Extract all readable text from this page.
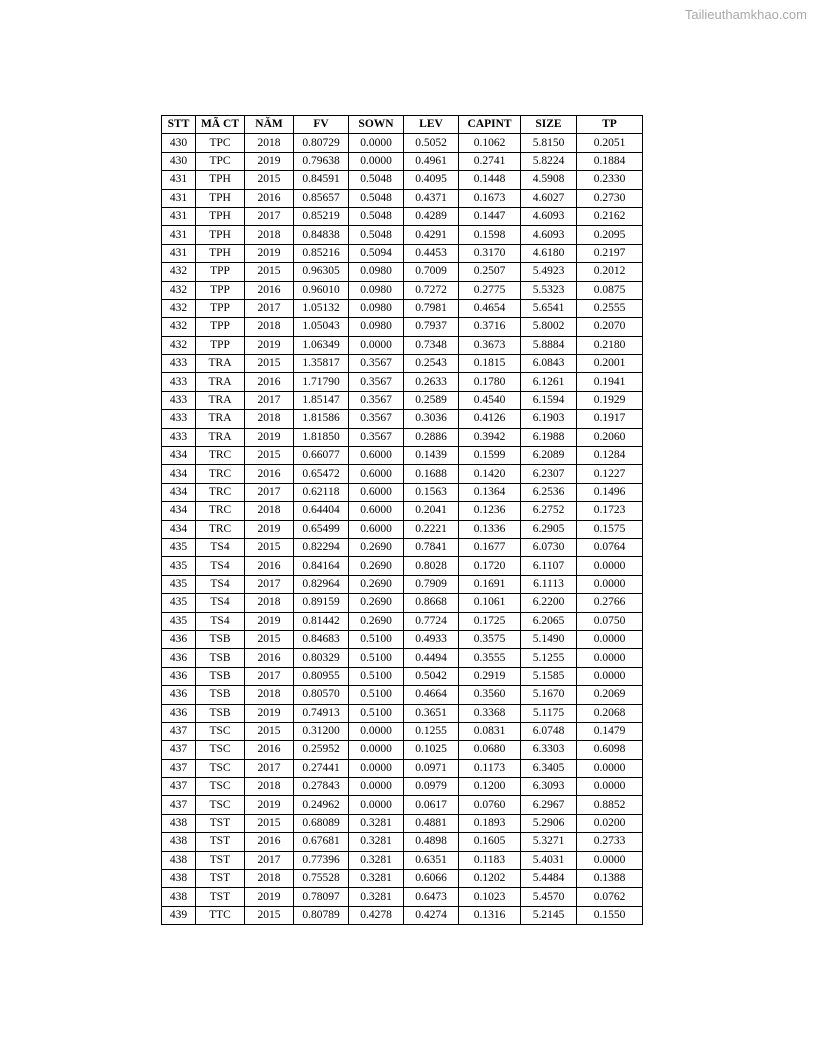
Tailieuthamkhao.com
STT	MÃ CT	NĂM	FV	SOWN	LEV	CAPINT	SIZE	TP
430	TPC	2018	0.80729	0.0000	0.5052	0.1062	5.8150	0.2051
430	TPC	2019	0.79638	0.0000	0.4961	0.2741	5.8224	0.1884
431	TPH	2015	0.84591	0.5048	0.4095	0.1448	4.5908	0.2330
431	TPH	2016	0.85657	0.5048	0.4371	0.1673	4.6027	0.2730
431	TPH	2017	0.85219	0.5048	0.4289	0.1447	4.6093	0.2162
431	TPH	2018	0.84838	0.5048	0.4291	0.1598	4.6093	0.2095
431	TPH	2019	0.85216	0.5094	0.4453	0.3170	4.6180	0.2197
432	TPP	2015	0.96305	0.0980	0.7009	0.2507	5.4923	0.2012
432	TPP	2016	0.96010	0.0980	0.7272	0.2775	5.5323	0.0875
432	TPP	2017	1.05132	0.0980	0.7981	0.4654	5.6541	0.2555
432	TPP	2018	1.05043	0.0980	0.7937	0.3716	5.8002	0.2070
432	TPP	2019	1.06349	0.0000	0.7348	0.3673	5.8884	0.2180
433	TRA	2015	1.35817	0.3567	0.2543	0.1815	6.0843	0.2001
433	TRA	2016	1.71790	0.3567	0.2633	0.1780	6.1261	0.1941
433	TRA	2017	1.85147	0.3567	0.2589	0.4540	6.1594	0.1929
433	TRA	2018	1.81586	0.3567	0.3036	0.4126	6.1903	0.1917
433	TRA	2019	1.81850	0.3567	0.2886	0.3942	6.1988	0.2060
434	TRC	2015	0.66077	0.6000	0.1439	0.1599	6.2089	0.1284
434	TRC	2016	0.65472	0.6000	0.1688	0.1420	6.2307	0.1227
434	TRC	2017	0.62118	0.6000	0.1563	0.1364	6.2536	0.1496
434	TRC	2018	0.64404	0.6000	0.2041	0.1236	6.2752	0.1723
434	TRC	2019	0.65499	0.6000	0.2221	0.1336	6.2905	0.1575
435	TS4	2015	0.82294	0.2690	0.7841	0.1677	6.0730	0.0764
435	TS4	2016	0.84164	0.2690	0.8028	0.1720	6.1107	0.0000
435	TS4	2017	0.82964	0.2690	0.7909	0.1691	6.1113	0.0000
435	TS4	2018	0.89159	0.2690	0.8668	0.1061	6.2200	0.2766
435	TS4	2019	0.81442	0.2690	0.7724	0.1725	6.2065	0.0750
436	TSB	2015	0.84683	0.5100	0.4933	0.3575	5.1490	0.0000
436	TSB	2016	0.80329	0.5100	0.4494	0.3555	5.1255	0.0000
436	TSB	2017	0.80955	0.5100	0.5042	0.2919	5.1585	0.0000
436	TSB	2018	0.80570	0.5100	0.4664	0.3560	5.1670	0.2069
436	TSB	2019	0.74913	0.5100	0.3651	0.3368	5.1175	0.2068
437	TSC	2015	0.31200	0.0000	0.1255	0.0831	6.0748	0.1479
437	TSC	2016	0.25952	0.0000	0.1025	0.0680	6.3303	0.6098
437	TSC	2017	0.27441	0.0000	0.0971	0.1173	6.3405	0.0000
437	TSC	2018	0.27843	0.0000	0.0979	0.1200	6.3093	0.0000
437	TSC	2019	0.24962	0.0000	0.0617	0.0760	6.2967	0.8852
438	TST	2015	0.68089	0.3281	0.4881	0.1893	5.2906	0.0200
438	TST	2016	0.67681	0.3281	0.4898	0.1605	5.3271	0.2733
438	TST	2017	0.77396	0.3281	0.6351	0.1183	5.4031	0.0000
438	TST	2018	0.75528	0.3281	0.6066	0.1202	5.4484	0.1388
438	TST	2019	0.78097	0.3281	0.6473	0.1023	5.4570	0.0762
439	TTC	2015	0.80789	0.4278	0.4274	0.1316	5.2145	0.1550
